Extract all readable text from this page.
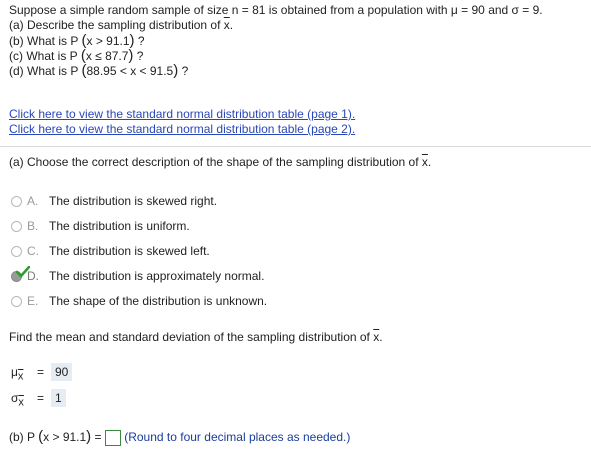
Suppose a simple random sample of size n = 81 is obtained from a population with μ = 90 and σ = 9.
(a) Describe the sampling distribution of $\overline{x}$.
(b) What is P (x > 91.1) ?
(c) What is P (x ≤ 87.7) ?
(d) What is P (88.95 < x < 91.5) ?
Click here to view the standard normal distribution table (page 1).
Click here to view the standard normal distribution table (page 2).
(a) Choose the correct description of the shape of the sampling distribution of $\overline{x}$.
A. The distribution is skewed right.
B. The distribution is uniform.
C. The distribution is skewed left.
D. The distribution is approximately normal.
E. The shape of the distribution is unknown.
Find the mean and standard deviation of the sampling distribution of $\overline{x}$.
$\mu_{\overline{x}} = 90$
$\sigma_{\overline{x}} = 1$
(b) P (x > 91.1) = (Round to four decimal places as needed.)
